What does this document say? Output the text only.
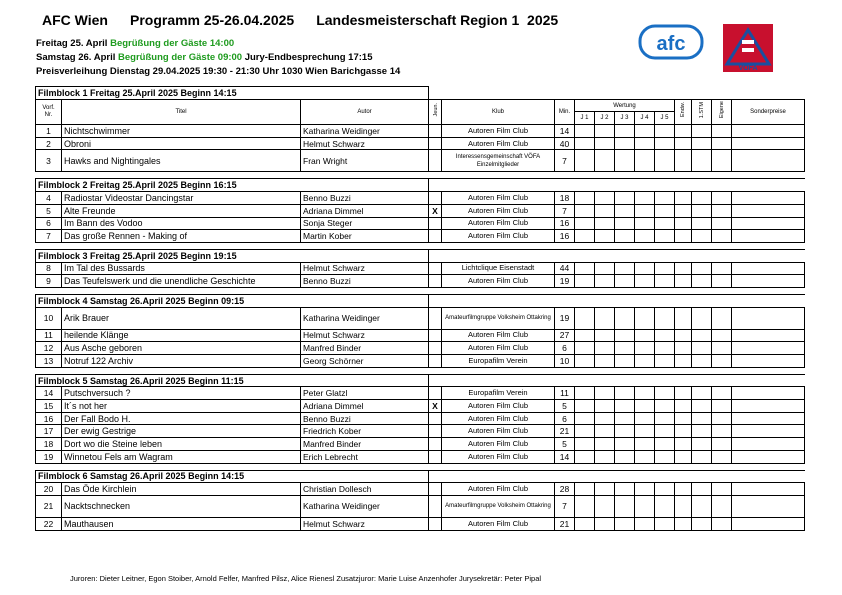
AFC Wien Programm 25-26.04.2025 Landesmeisterschaft Region 1  2025
Freitag 25. April Begrüßung der Gäste 14:00
Samstag 26. April Begrüßung der Gäste 09:00 Jury-Endbesprechung 17:15
Preisverleihung Dienstag 29.04.2025 19:30 - 21:30 Uhr 1030 Wien Barichgasse 14
afc
VÖFA
Filmblock 1 Freitag 25.April 2025 Beginn 14:15														
Vorf.
Nr.	Titel	Autor	Jeun.	Klub	Min.	Wertung					Endw.	1.STM	Eigene	Sonderpreise
						J 1	J 2	J 3	J 4	J 5				
1	Nichtschwimmer	Katharina Weidinger		Autoren Film Club	14									
2	Obroni	Helmut Schwarz		Autoren Film Club	40									
3	Hawks and Nightingales	Fran Wright		Interessensgemeinschaft VÖFA Einzelmitglieder	7									

Filmblock 2 Freitag 25.April 2025 Beginn 16:15														
4	Radiostar Videostar Dancingstar	Benno Buzzi		Autoren Film Club	18									
5	Alte Freunde	Adriana Dimmel	X	Autoren Film Club	7									
6	Im Bann des Vodoo	Sonja Steger		Autoren Film Club	16									
7	Das große Rennen - Making of	Martin Kober		Autoren Film Club	16									

Filmblock 3 Freitag 25.April 2025 Beginn 19:15														
8	Im Tal des Bussards	Helmut Schwarz		Lichtclique Eisenstadt	44									
9	Das Teufelswerk und die unendliche Geschichte	Benno Buzzi		Autoren Film Club	19									

Filmblock 4 Samstag 26.April 2025 Beginn 09:15														
10	Arik Brauer	Katharina Weidinger		Amateurfilmgruppe Volksheim Ottakring	19									
11	heilende Klänge	Helmut Schwarz		Autoren Film Club	27									
12	Aus Asche geboren	Manfred Binder		Autoren Film Club	6									
13	Notruf 122 Archiv	Georg Schörner		Europafilm Verein	10									

Filmblock 5 Samstag 26.April 2025 Beginn 11:15														
14	Putschversuch ?	Peter Glatzl		Europafilm Verein	11									
15	It´s not her	Adriana Dimmel	X	Autoren Film Club	5									
16	Der Fall Bodo H.	Benno Buzzi		Autoren Film Club	6									
17	Der ewig Gestrige	Friedrich Kober		Autoren Film Club	21									
18	Dort wo die Steine leben	Manfred Binder		Autoren Film Club	5									
19	Winnetou Fels am Wagram	Erich Lebrecht		Autoren Film Club	14									

Filmblock 6 Samstag 26.April 2025 Beginn 14:15														
20	Das Öde Kirchlein	Christian Dollesch		Autoren Film Club	28									
21	Nacktschnecken	Katharina Weidinger		Amateurfilmgruppe Volksheim Ottakring	7									
22	Mauthausen	Helmut Schwarz		Autoren Film Club	21									
Juroren: Dieter Leitner, Egon Stoiber, Arnold Felfer, Manfred Pilsz, Alice Rienesl Zusatzjuror: Marie Luise Anzenhofer Jurysekretär: Peter Pipal
